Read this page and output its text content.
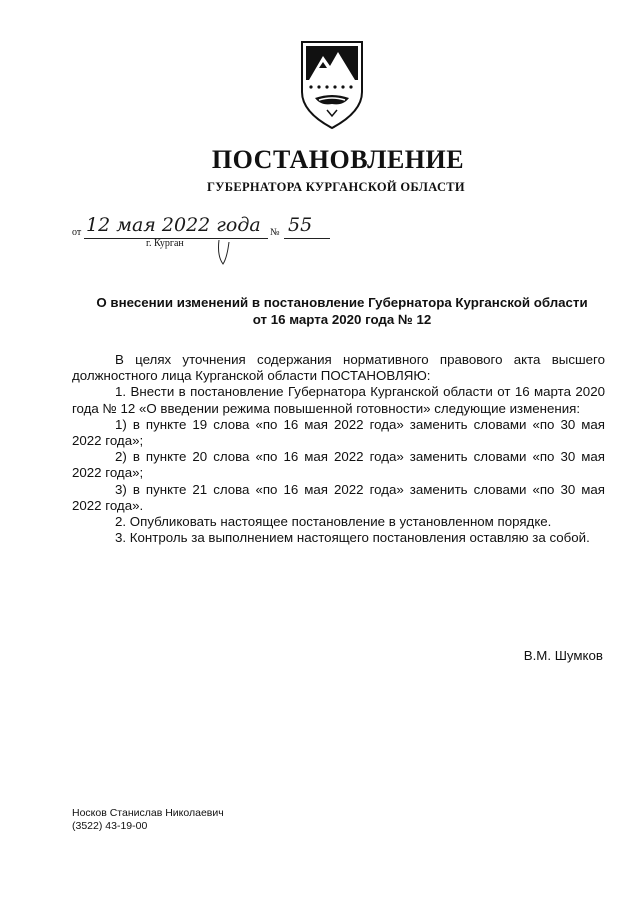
ПОСТАНОВЛЕНИЕ
ГУБЕРНАТОРА КУРГАНСКОЙ ОБЛАСТИ
от 12 мая 2022 года № 55
г. Курган
О внесении изменений в постановление Губернатора Курганской области
от 16 марта 2020 года № 12

В целях уточнения содержания нормативного правового акта высшего должностного лица Курганской области ПОСТАНОВЛЯЮ:

1. Внести в постановление Губернатора Курганской области от 16 марта 2020 года № 12 «О введении режима повышенной готовности» следующие изменения:

1) в пункте 19 слова «по 16 мая 2022 года» заменить словами «по 30 мая 2022 года»;

2) в пункте 20 слова «по 16 мая 2022 года» заменить словами «по 30 мая 2022 года»;

3) в пункте 21 слова «по 16 мая 2022 года» заменить словами «по 30 мая 2022 года».

2. Опубликовать настоящее постановление в установленном порядке.

3. Контроль за выполнением настоящего постановления оставляю за собой.

В.М. Шумков
Носков Станислав Николаевич
(3522) 43-19-00
